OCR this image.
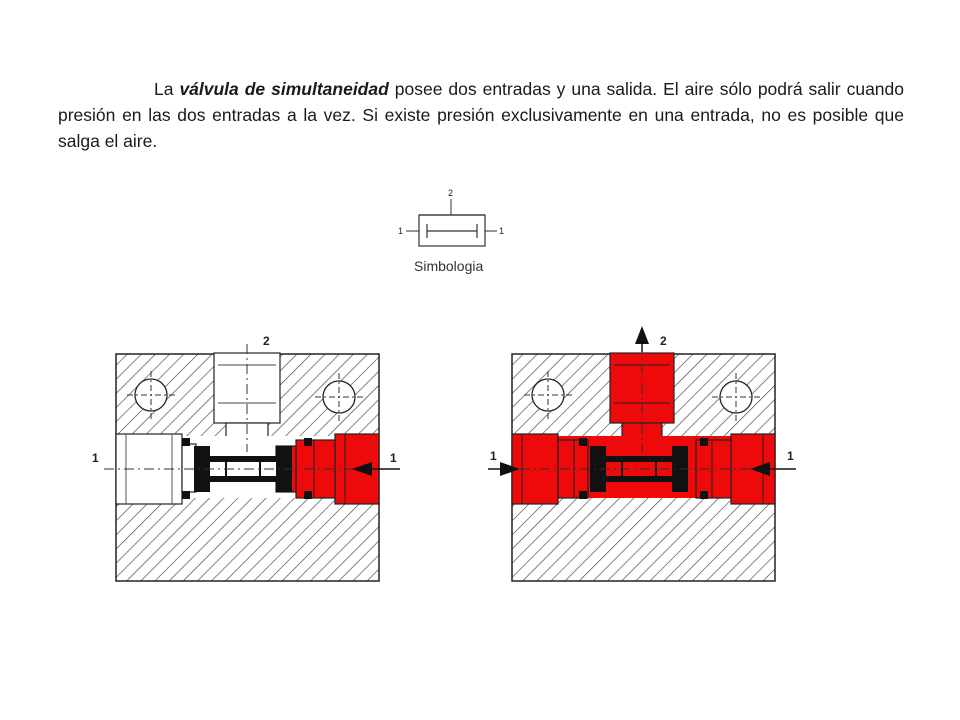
La válvula de simultaneidad posee dos entradas y una salida. El aire sólo podrá salir cuando presión en las dos entradas a la vez. Si existe presión exclusivamente en una entrada, no es posible que salga el aire.

2
1	1
Simbologia
2
1	1
2
1	1
